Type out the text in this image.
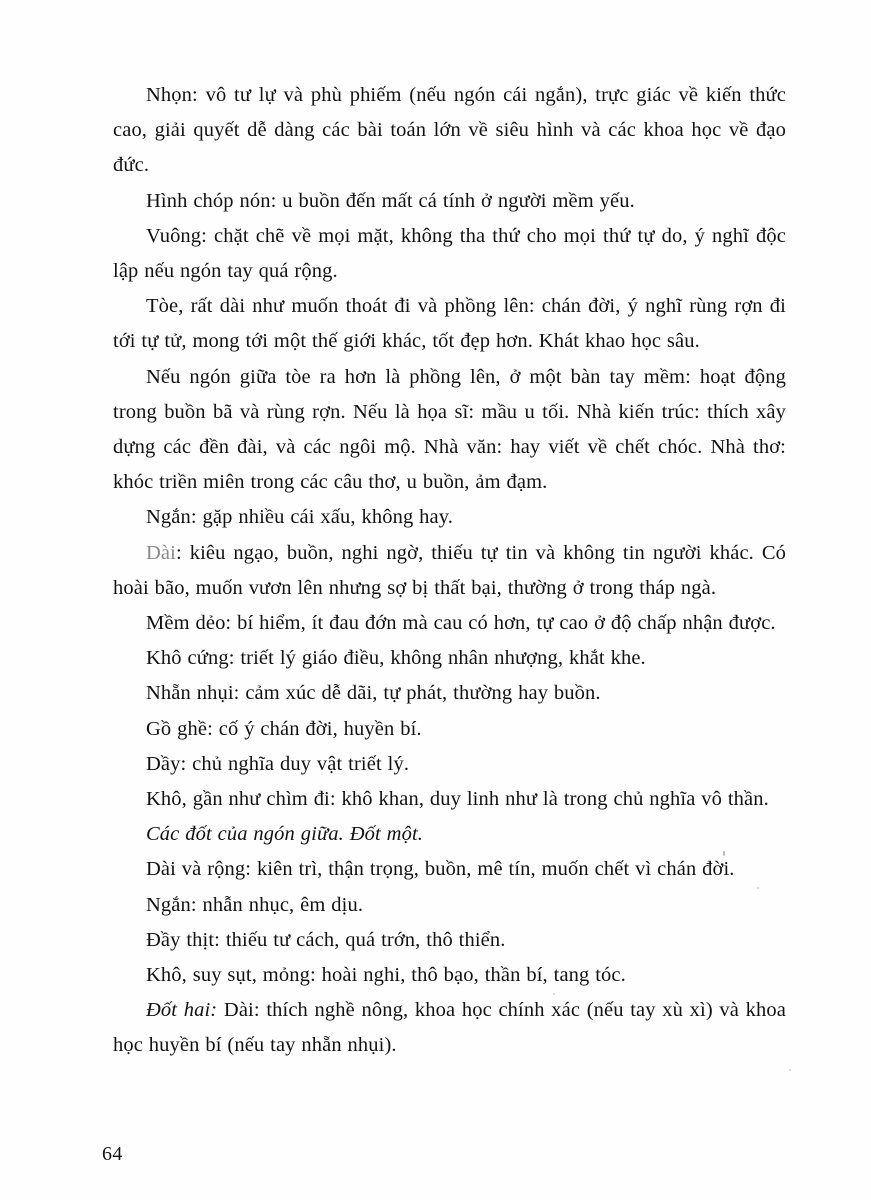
Nhọn: vô tư lự và phù phiếm (nếu ngón cái ngắn), trực giác về kiến thức cao, giải quyết dễ dàng các bài toán lớn về siêu hình và các khoa học về đạo đức.

Hình chóp nón: u buồn đến mất cá tính ở người mềm yếu.

Vuông: chặt chẽ về mọi mặt, không tha thứ cho mọi thứ tự do, ý nghĩ độc lập nếu ngón tay quá rộng.

Tòe, rất dài như muốn thoát đi và phồng lên: chán đời, ý nghĩ rùng rợn đi tới tự tử, mong tới một thế giới khác, tốt đẹp hơn. Khát khao học sâu.

Nếu ngón giữa tòe ra hơn là phồng lên, ở một bàn tay mềm: hoạt động trong buồn bã và rùng rợn. Nếu là họa sĩ: mầu u tối. Nhà kiến trúc: thích xây dựng các đền đài, và các ngôi mộ. Nhà văn: hay viết về chết chóc. Nhà thơ: khóc triền miên trong các câu thơ, u buồn, ảm đạm.

Ngắn: gặp nhiều cái xấu, không hay.

Dài: kiêu ngạo, buồn, nghi ngờ, thiếu tự tin và không tin người khác. Có hoài bão, muốn vươn lên nhưng sợ bị thất bại, thường ở trong tháp ngà.

Mềm dẻo: bí hiểm, ít đau đớn mà cau có hơn, tự cao ở độ chấp nhận được.

Khô cứng: triết lý giáo điều, không nhân nhượng, khắt khe.

Nhẵn nhụi: cảm xúc dễ dãi, tự phát, thường hay buồn.

Gồ ghề: cố ý chán đời, huyền bí.

Dầy: chủ nghĩa duy vật triết lý.

Khô, gần như chìm đi: khô khan, duy linh như là trong chủ nghĩa vô thần.

Các đốt của ngón giữa. Đốt một.

Dài và rộng: kiên trì, thận trọng, buồn, mê tín, muốn chết vì chán đời.

Ngắn: nhẫn nhục, êm dịu.

Đầy thịt: thiếu tư cách, quá trớn, thô thiển.

Khô, suy sụt, mỏng: hoài nghi, thô bạo, thần bí, tang tóc.

Đốt hai: Dài: thích nghề nông, khoa học chính xác (nếu tay xù xì) và khoa học huyền bí (nếu tay nhẵn nhụi).

64
